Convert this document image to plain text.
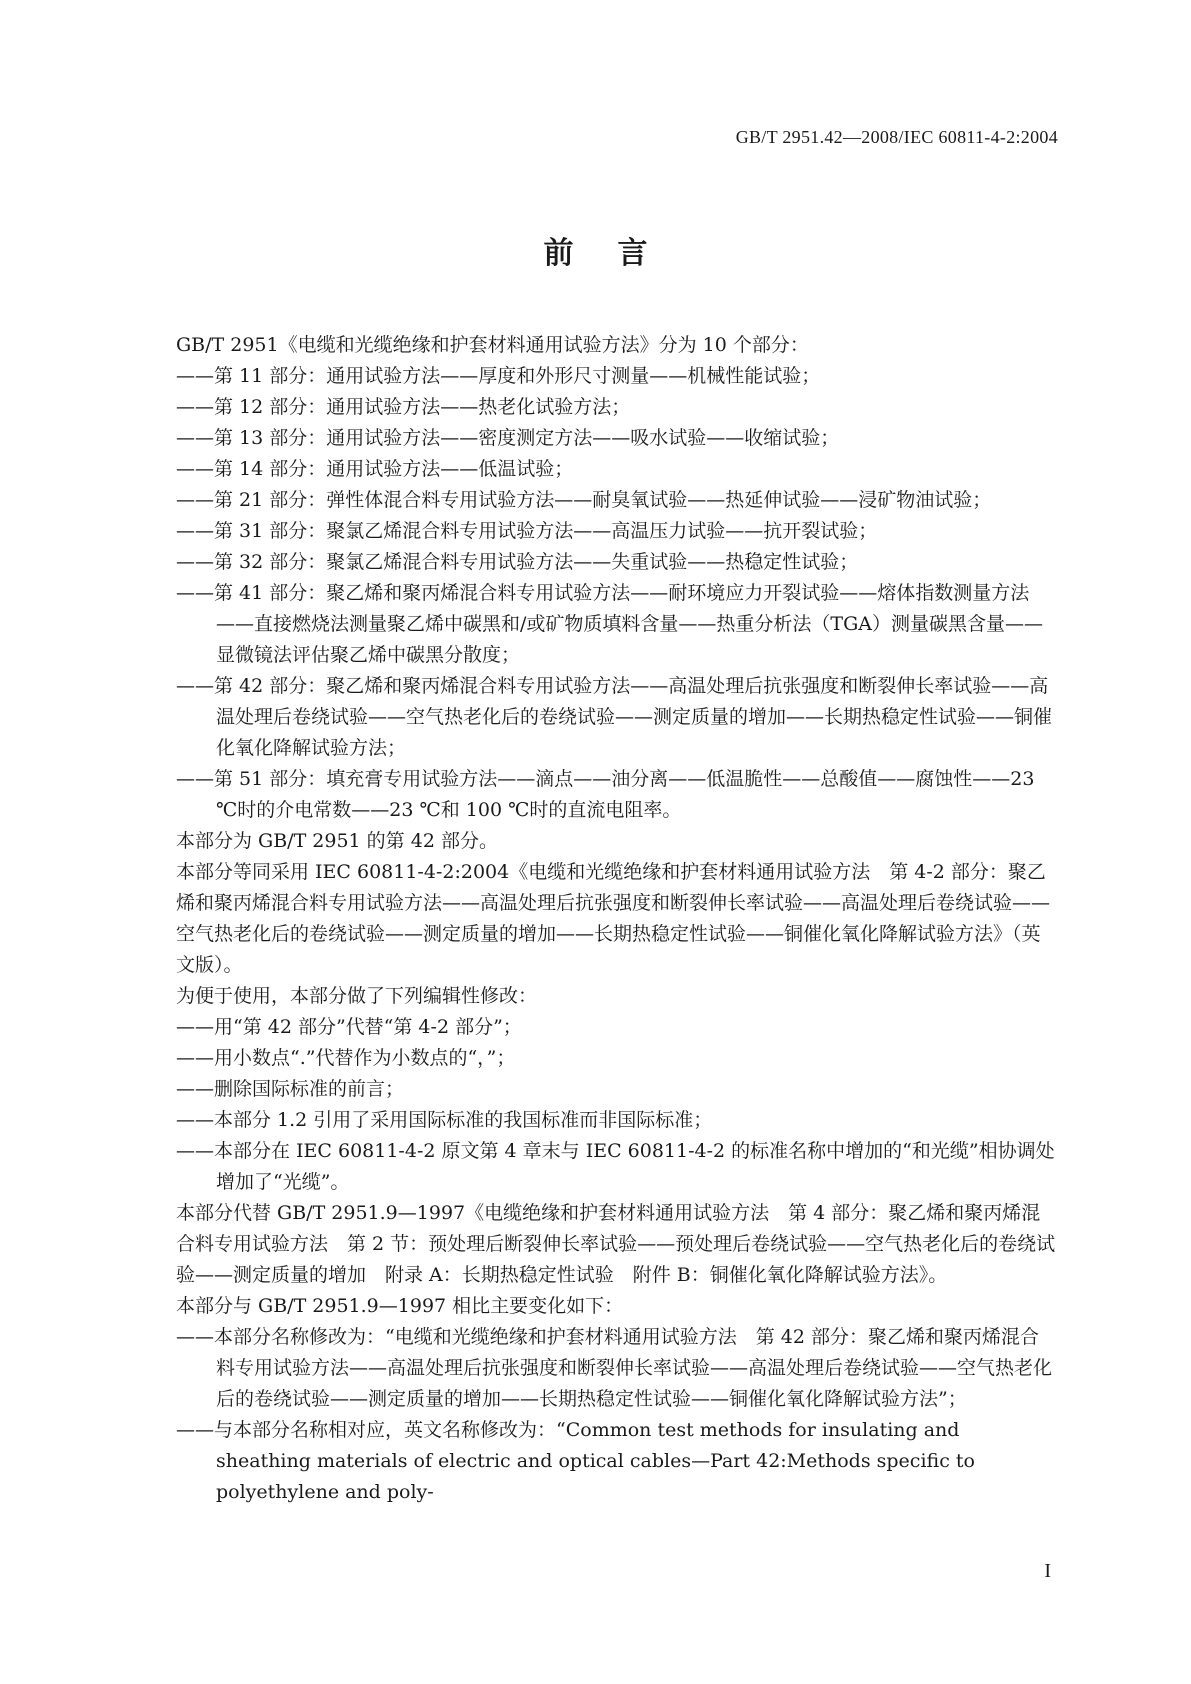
GB/T 2951.42—2008/IEC 60811-4-2:2004
前言
GB/T 2951《电缆和光缆绝缘和护套材料通用试验方法》分为 10 个部分：
——第 11 部分：通用试验方法——厚度和外形尺寸测量——机械性能试验；
——第 12 部分：通用试验方法——热老化试验方法；
——第 13 部分：通用试验方法——密度测定方法——吸水试验——收缩试验；
——第 14 部分：通用试验方法——低温试验；
——第 21 部分：弹性体混合料专用试验方法——耐臭氧试验——热延伸试验——浸矿物油试验；
——第 31 部分：聚氯乙烯混合料专用试验方法——高温压力试验——抗开裂试验；
——第 32 部分：聚氯乙烯混合料专用试验方法——失重试验——热稳定性试验；
——第 41 部分：聚乙烯和聚丙烯混合料专用试验方法——耐环境应力开裂试验——熔体指数测量方法——直接燃烧法测量聚乙烯中碳黑和/或矿物质填料含量——热重分析法（TGA）测量碳黑含量——显微镜法评估聚乙烯中碳黑分散度；
——第 42 部分：聚乙烯和聚丙烯混合料专用试验方法——高温处理后抗张强度和断裂伸长率试验——高温处理后卷绕试验——空气热老化后的卷绕试验——测定质量的增加——长期热稳定性试验——铜催化氧化降解试验方法；
——第 51 部分：填充膏专用试验方法——滴点——油分离——低温脆性——总酸值——腐蚀性——23 ℃时的介电常数——23 ℃和 100 ℃时的直流电阻率。
本部分为 GB/T 2951 的第 42 部分。
本部分等同采用 IEC 60811-4-2:2004《电缆和光缆绝缘和护套材料通用试验方法　第 4-2 部分：聚乙烯和聚丙烯混合料专用试验方法——高温处理后抗张强度和断裂伸长率试验——高温处理后卷绕试验——空气热老化后的卷绕试验——测定质量的增加——长期热稳定性试验——铜催化氧化降解试验方法》（英文版）。
为便于使用，本部分做了下列编辑性修改：
——用“第 42 部分”代替“第 4-2 部分”；
——用小数点“.”代替作为小数点的“，”；
——删除国际标准的前言；
——本部分 1.2 引用了采用国际标准的我国标准而非国际标准；
——本部分在 IEC 60811-4-2 原文第 4 章末与 IEC 60811-4-2 的标准名称中增加的“和光缆”相协调处增加了“光缆”。
本部分代替 GB/T 2951.9—1997《电缆绝缘和护套材料通用试验方法　第 4 部分：聚乙烯和聚丙烯混合料专用试验方法　第 2 节：预处理后断裂伸长率试验——预处理后卷绕试验——空气热老化后的卷绕试验——测定质量的增加　附录 A：长期热稳定性试验　附件 B：铜催化氧化降解试验方法》。
本部分与 GB/T 2951.9—1997 相比主要变化如下：
——本部分名称修改为：“电缆和光缆绝缘和护套材料通用试验方法　第 42 部分：聚乙烯和聚丙烯混合料专用试验方法——高温处理后抗张强度和断裂伸长率试验——高温处理后卷绕试验——空气热老化后的卷绕试验——测定质量的增加——长期热稳定性试验——铜催化氧化降解试验方法”；
——与本部分名称相对应，英文名称修改为：“Common test methods for insulating and sheathing materials of electric and optical cables—Part 42:Methods specific to polyethylene and poly-
I
